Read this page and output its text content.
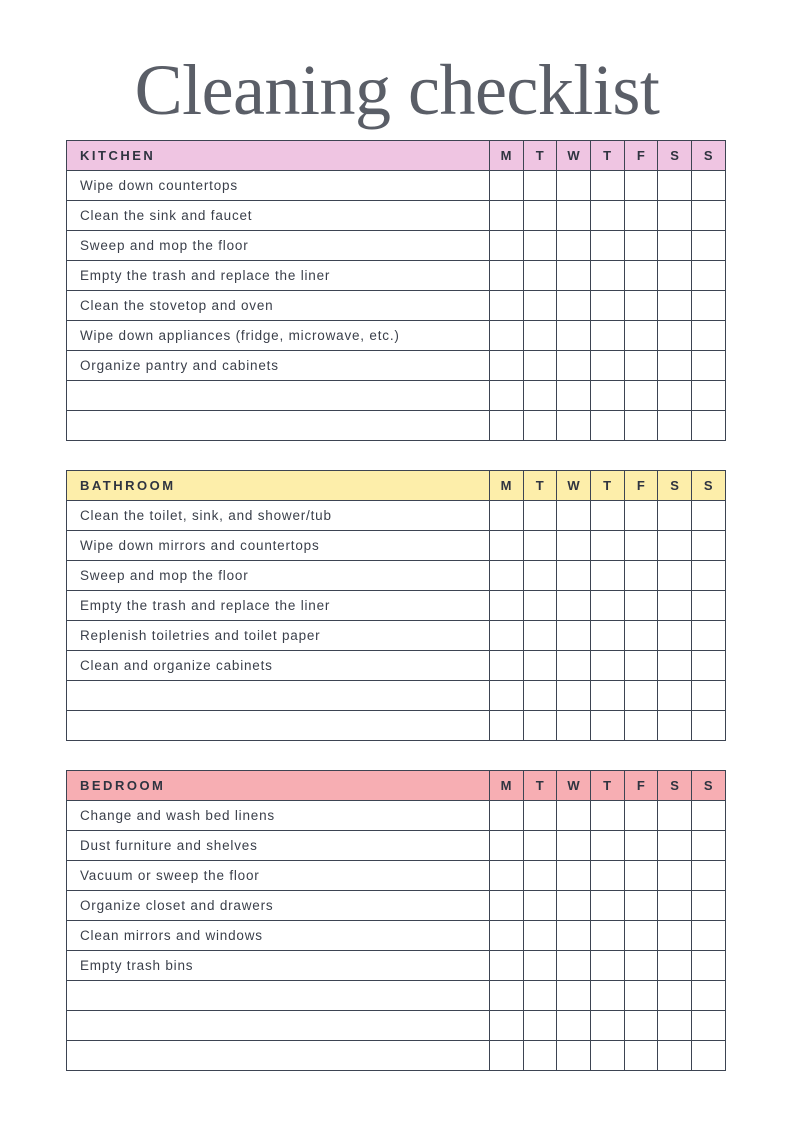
Cleaning checklist
KITCHEN	M	T	W	T	F	S	S
Wipe down countertops							
Clean the sink and faucet							
Sweep and mop the floor							
Empty the trash and replace the liner							
Clean the stovetop and oven							
Wipe down appliances (fridge, microwave, etc.)							
Organize pantry and cabinets							

BATHROOM	M	T	W	T	F	S	S
Clean the toilet, sink, and shower/tub							
Wipe down mirrors and countertops							
Sweep and mop the floor							
Empty the trash and replace the liner							
Replenish toiletries and toilet paper							
Clean and organize cabinets							

BEDROOM	M	T	W	T	F	S	S
Change and wash bed linens							
Dust furniture and shelves							
Vacuum or sweep the floor							
Organize closet and drawers							
Clean mirrors and windows							
Empty trash bins							
